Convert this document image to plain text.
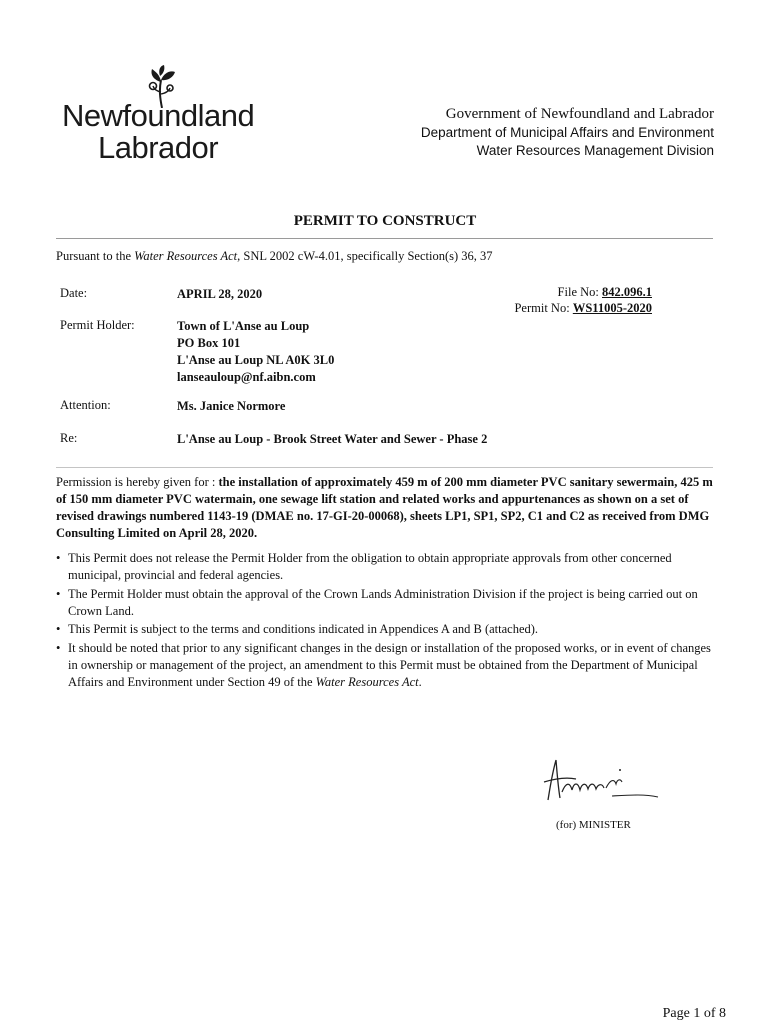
Newfoundland
Labrador
Government of Newfoundland and Labrador
Department of Municipal Affairs and Environment
Water Resources Management Division
PERMIT TO CONSTRUCT
Pursuant to the Water Resources Act, SNL 2002 cW-4.01, specifically Section(s) 36, 37
Date:	APRIL 28, 2020	File No: 842.096.1
Permit No: WS11005-2020
Permit Holder:	Town of L'Anse au Loup
PO Box 101
L'Anse au Loup NL A0K 3L0
lanseauloup@nf.aibn.com
Attention:	Ms. Janice Normore
Re:	L'Anse au Loup - Brook Street Water and Sewer - Phase 2
Permission is hereby given for : the installation of approximately 459 m of 200 mm diameter PVC sanitary sewermain, 425 m of 150 mm diameter PVC watermain, one sewage lift station and related works and appurtenances as shown on a set of revised drawings numbered 1143-19 (DMAE no. 17-GI-20-00068), sheets LP1, SP1, SP2, C1 and C2 as received from DMG Consulting Limited on April 28, 2020.
• This Permit does not release the Permit Holder from the obligation to obtain appropriate approvals from other concerned municipal, provincial and federal agencies.
• The Permit Holder must obtain the approval of the Crown Lands Administration Division if the project is being carried out on Crown Land.
• This Permit is subject to the terms and conditions indicated in Appendices A and B (attached).
• It should be noted that prior to any significant changes in the design or installation of the proposed works, or in event of changes in ownership or management of the project, an amendment to this Permit must be obtained from the Department of Municipal Affairs and Environment under Section 49 of the Water Resources Act.
(for) MINISTER
Page 1 of 8
